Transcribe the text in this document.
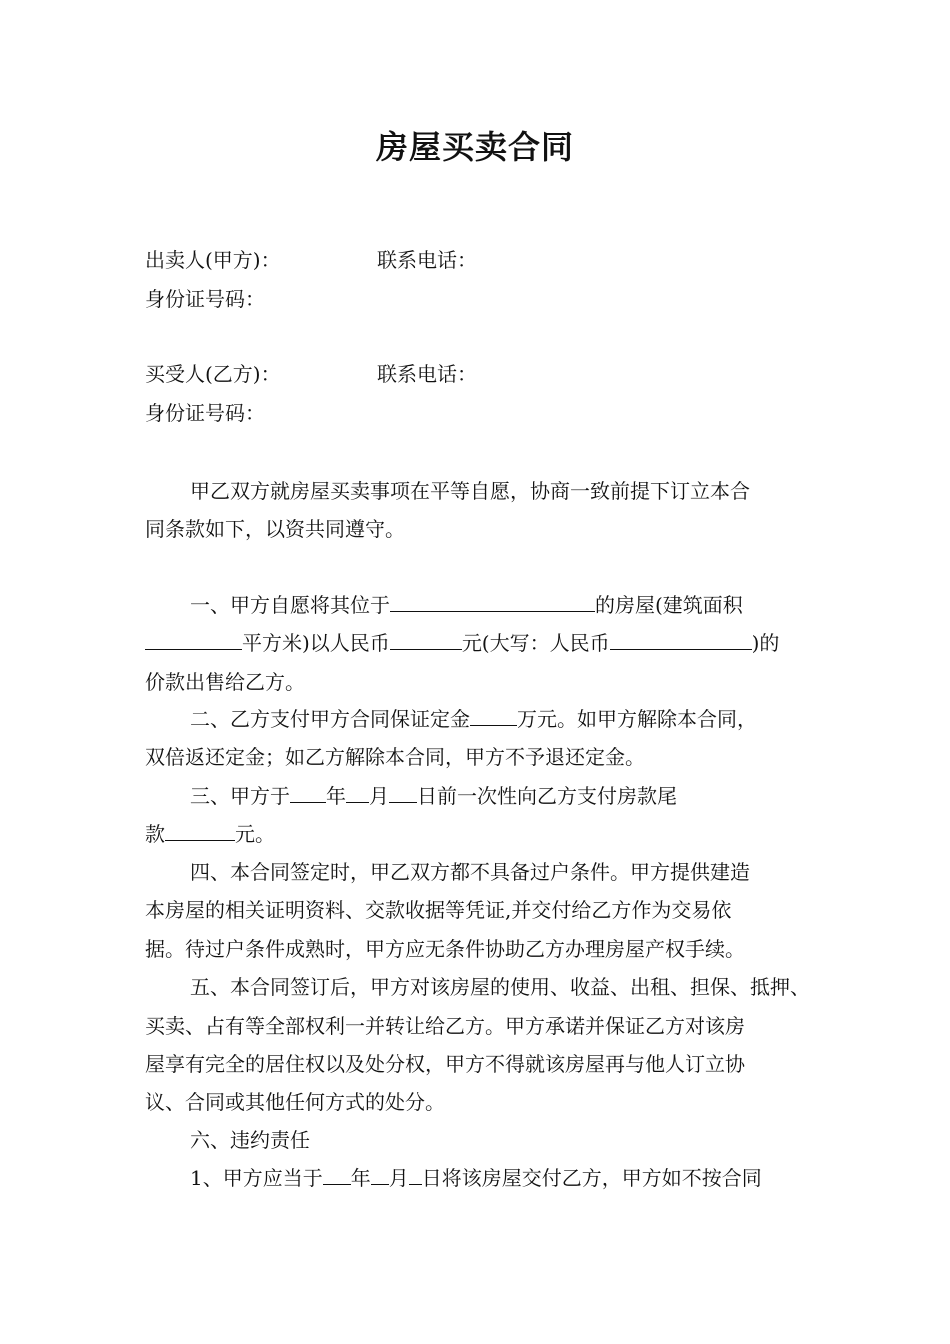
房屋买卖合同
出卖人(甲方)：	联系电话：
身份证号码：
买受人(乙方)：	联系电话：
身份证号码：
甲乙双方就房屋买卖事项在平等自愿，协商一致前提下订立本合
同条款如下，以资共同遵守。
一、甲方自愿将其位于	的房屋(建筑面积
平方米)以人民币	元(大写：人民币	)的
价款出售给乙方。
二、乙方支付甲方合同保证定金 万元。如甲方解除本合同，
双倍返还定金；如乙方解除本合同，甲方不予退还定金。
三、甲方于 年 月 日前一次性向乙方支付房款尾
款	元。
四、本合同签定时，甲乙双方都不具备过户条件。甲方提供建造
本房屋的相关证明资料、交款收据等凭证,并交付给乙方作为交易依
据。待过户条件成熟时，甲方应无条件协助乙方办理房屋产权手续。
五、本合同签订后，甲方对该房屋的使用、收益、出租、担保、抵押、
买卖、占有等全部权利一并转让给乙方。甲方承诺并保证乙方对该房
屋享有完全的居住权以及处分权，甲方不得就该房屋再与他人订立协
议、合同或其他任何方式的处分。
六、违约责任
1、甲方应当于 年 月 日将该房屋交付乙方，甲方如不按合同
